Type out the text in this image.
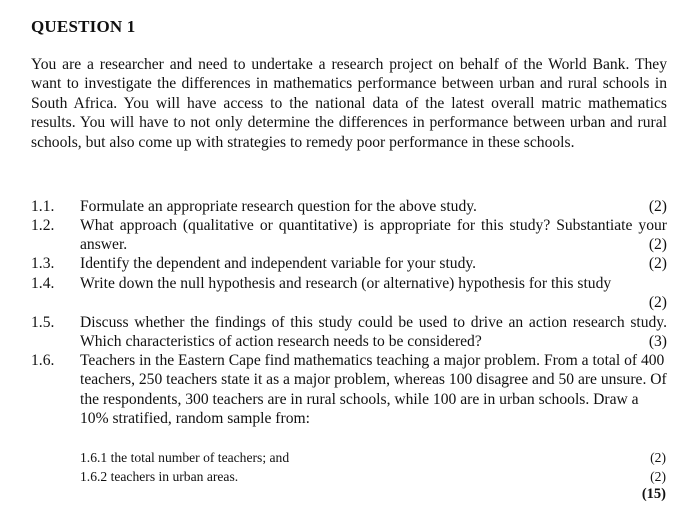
QUESTION 1

You are a researcher and need to undertake a research project on behalf of the World Bank. They want to investigate the differences in mathematics performance between urban and rural schools in South Africa. You will have access to the national data of the latest overall matric mathematics results. You will have to not only determine the differences in performance between urban and rural schools, but also come up with strategies to remedy poor performance in these schools.

1.1. Formulate an appropriate research question for the above study.	(2)
1.2. What approach (qualitative or quantitative) is appropriate for this study? Substantiate your answer.	(2)
1.3. Identify the dependent and independent variable for your study.	(2)
1.4. Write down the null hypothesis and research (or alternative) hypothesis for this study
(2)
1.5. Discuss whether the findings of this study could be used to drive an action research study. Which characteristics of action research needs to be considered?	(3)
1.6. Teachers in the Eastern Cape find mathematics teaching a major problem. From a total of 400 teachers, 250 teachers state it as a major problem, whereas 100 disagree and 50 are unsure. Of the respondents, 300 teachers are in rural schools, while 100 are in urban schools. Draw a 10% stratified, random sample from:
1.6.1 the total number of teachers; and	(2)
1.6.2 teachers in urban areas.	(2)
(15)
